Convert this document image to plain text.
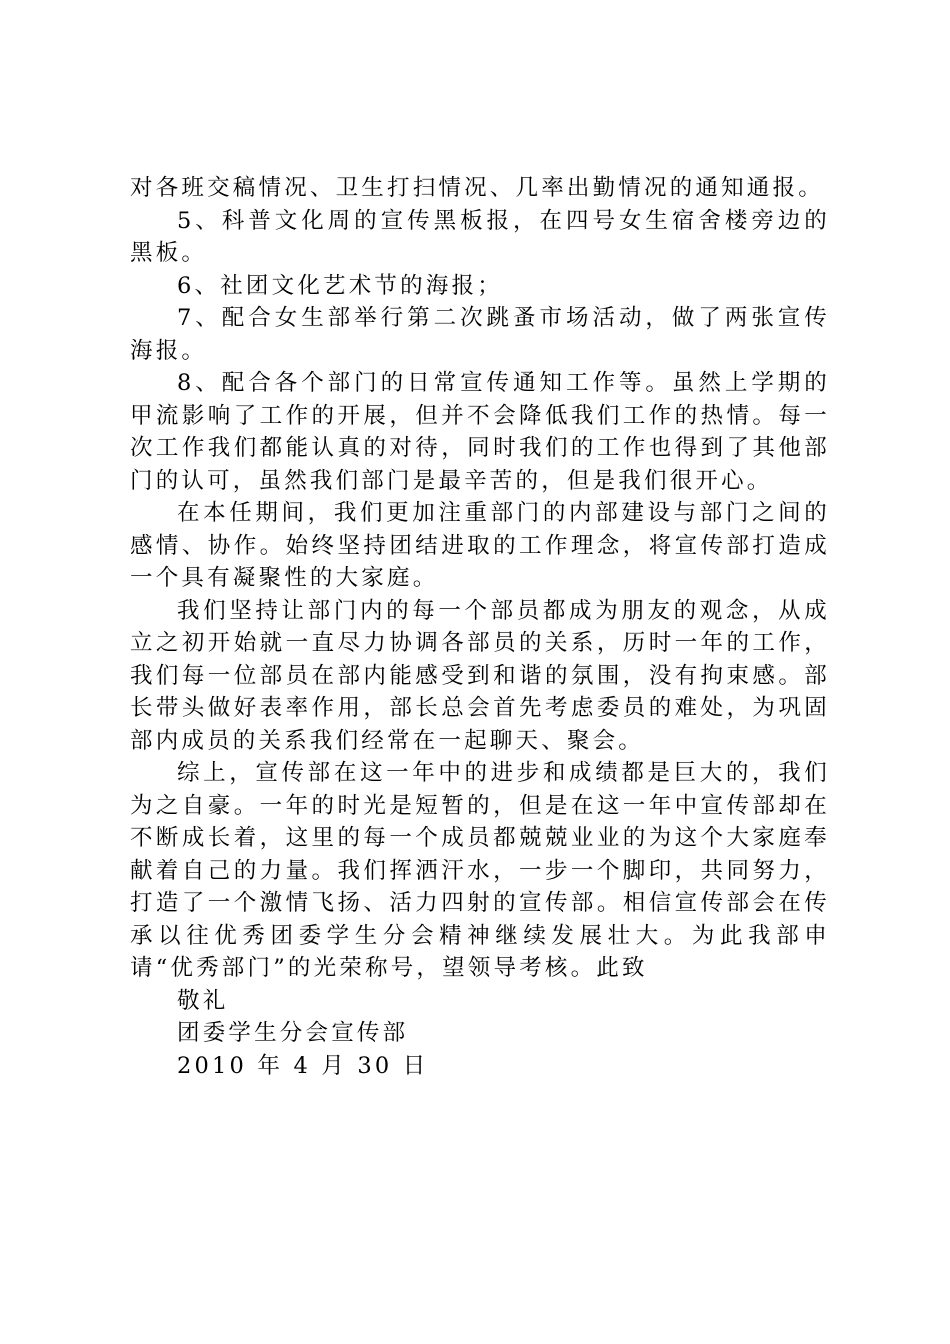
对各班交稿情况、卫生打扫情况、几率出勤情况的通知通报。

5、科普文化周的宣传黑板报，在四号女生宿舍楼旁边的黑板。

6、社团文化艺术节的海报；

7、配合女生部举行第二次跳蚤市场活动，做了两张宣传海报。

8、配合各个部门的日常宣传通知工作等。虽然上学期的甲流影响了工作的开展，但并不会降低我们工作的热情。每一次工作我们都能认真的对待，同时我们的工作也得到了其他部门的认可，虽然我们部门是最辛苦的，但是我们很开心。

在本任期间，我们更加注重部门的内部建设与部门之间的感情、协作。始终坚持团结进取的工作理念，将宣传部打造成一个具有凝聚性的大家庭。

我们坚持让部门内的每一个部员都成为朋友的观念，从成立之初开始就一直尽力协调各部员的关系，历时一年的工作，我们每一位部员在部内能感受到和谐的氛围，没有拘束感。部长带头做好表率作用，部长总会首先考虑委员的难处，为巩固部内成员的关系我们经常在一起聊天、聚会。

综上，宣传部在这一年中的进步和成绩都是巨大的，我们为之自豪。一年的时光是短暂的，但是在这一年中宣传部却在不断成长着，这里的每一个成员都兢兢业业的为这个大家庭奉献着自己的力量。我们挥洒汗水，一步一个脚印，共同努力，打造了一个激情飞扬、活力四射的宣传部。相信宣传部会在传承以往优秀团委学生分会精神继续发展壮大。为此我部申请“优秀部门”的光荣称号，望领导考核。此致

敬礼

团委学生分会宣传部

2010 年 4 月 30 日
